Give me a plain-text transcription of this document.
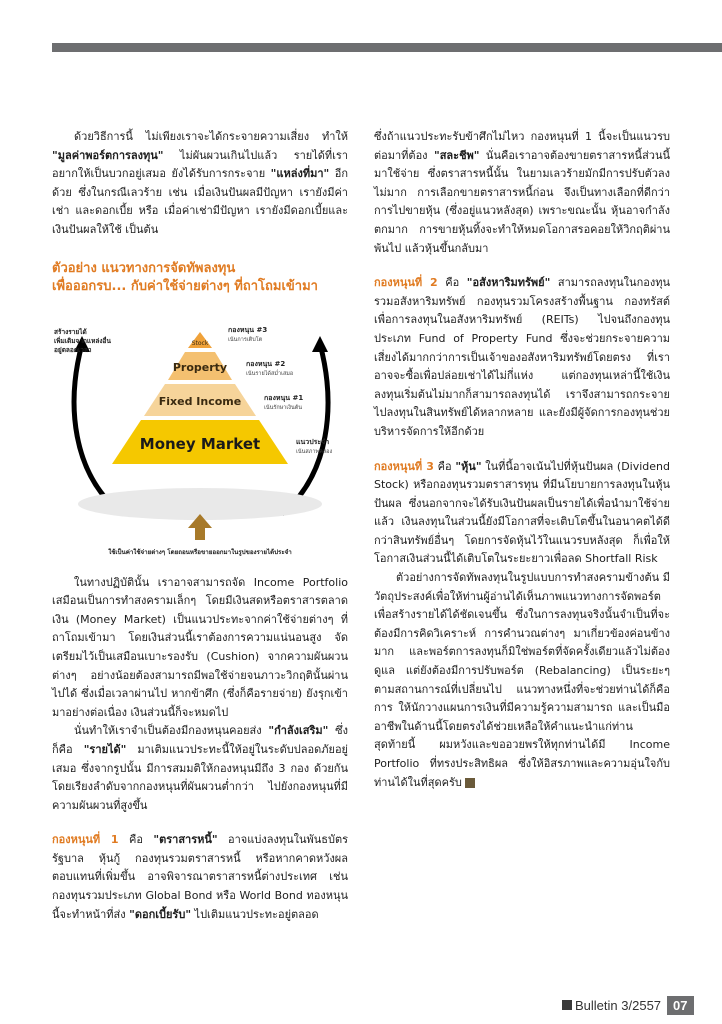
ด้วยวิธีการนี้ ไม่เพียงเราจะได้กระจายความเสี่ยง ทำให้ "มูลค่าพอร์ตการลงทุน" ไม่ผันผวนเกินไปแล้ว รายได้ที่เราอยากให้เป็นบวกอยู่เสมอ ยังได้รับการกระจาย "แหล่งที่มา" อีกด้วย ซึ่งในกรณีเลวร้าย เช่น เมื่อเงินปันผลมีปัญหา เรายังมีค่าเช่า และดอกเบี้ย หรือ เมื่อค่าเช่ามีปัญหา เรายังมีดอกเบี้ยและเงินปันผลให้ใช้ เป็นต้น

ตัวอย่าง แนวทางการจัดทัพลงทุน
เพื่อออกรบ... กับค่าใช้จ่ายต่างๆ ที่ถาโถมเข้ามา
Stock
Property
Fixed Income
Money Market
กองหนุน #3
เน้นการเติบโต
กองหนุน #2
เน้นรายได้สม่ำเสมอ
กองหนุน #1
เน้นรักษาเงินต้น
แนวประจำ
เน้นสภาพคล่อง
สร้างรายได้
เพิ่มเติมจากแหล่งอื่น
อยู่ตลอดเวลา
ใช้เป็นค่าใช้จ่ายต่างๆ โดยถอนหรือขายออกมาในรูปของรายได้ประจำ

ในทางปฏิบัตินั้น เราอาจสามารถจัด Income Portfolio เสมือนเป็นการทำสงครามเล็กๆ โดยมีเงินสดหรือตราสารตลาดเงิน (Money Market) เป็นแนวประทะจากค่าใช้จ่ายต่างๆ ที่ถาโถมเข้ามา โดยเงินส่วนนี้เราต้องการความแน่นอนสูง จัดเตรียมไว้เป็นเสมือนเบาะรองรับ (Cushion) จากความผันผวนต่างๆ อย่างน้อยต้องสามารถมีพอใช้จ่ายจนภาวะวิกฤตินั้นผ่านไปได้ ซึ่งเมื่อเวลาผ่านไป หากข้าศึก (ซึ่งก็คือรายจ่าย) ยังรุกเข้ามาอย่างต่อเนื่อง เงินส่วนนี้ก็จะหมดไป

นั่นทำให้เราจำเป็นต้องมีกองหนุนคอยส่ง "กำลังเสริม" ซึ่งก็คือ "รายได้" มาเติมแนวประทะนี้ให้อยู่ในระดับปลอดภัยอยู่เสมอ ซึ่งจากรูปนั้น มีการสมมติให้กองหนุนมีถึง 3 กอง ด้วยกัน โดยเรียงลำดับจากกองหนุนที่ผันผวนต่ำกว่า ไปยังกองหนุนที่มีความผันผวนที่สูงขึ้น

กองหนุนที่ 1 คือ "ตราสารหนี้" อาจแบ่งลงทุนในพันธบัตรรัฐบาล หุ้นกู้ กองทุนรวมตราสารหนี้ หรือหากคาดหวังผลตอบแทนที่เพิ่มขึ้น อาจพิจารณาตราสารหนี้ต่างประเทศ เช่น กองทุนรวมประเภท Global Bond หรือ World Bond ทองหนุนนี้จะทำหน้าที่ส่ง "ดอกเบี้ยรับ" ไปเติมแนวประทะอยู่ตลอด

ซึ่งถ้าแนวประทะรับข้าศึกไม่ไหว กองหนุนที่ 1 นี้จะเป็นแนวรบต่อมาที่ต้อง "สละชีพ" นั่นคือเราอาจต้องขายตราสารหนี้ส่วนนี้มาใช้จ่าย ซึ่งตราสารหนี้นั้น ในยามเลวร้ายมักมีการปรับตัวลงไม่มาก การเลือกขายตราสารหนี้ก่อน จึงเป็นทางเลือกที่ดีกว่าการไปขายหุ้น (ซึ่งอยู่แนวหลังสุด) เพราะขณะนั้น หุ้นอาจกำลังตกมาก การขายหุ้นทิ้งจะทำให้หมดโอกาสรอคอยให้วิกฤติผ่านพ้นไป แล้วหุ้นขึ้นกลับมา

กองหนุนที่ 2 คือ "อสังหาริมทรัพย์" สามารถลงทุนในกองทุนรวมอสังหาริมทรัพย์ กองทุนรวมโครงสร้างพื้นฐาน กองทรัสต์เพื่อการลงทุนในอสังหาริมทรัพย์ (REITs) ไปจนถึงกองทุนประเภท Fund of Property Fund ซึ่งจะช่วยกระจายความเสี่ยงได้มากกว่าการเป็นเจ้าของอสังหาริมทรัพย์โดยตรง ที่เราอาจจะซื้อเพื่อปล่อยเช่าได้ไม่กี่แห่ง แต่กองทุนเหล่านี้ใช้เงินลงทุนเริ่มต้นไม่มากก็สามารถลงทุนได้ เราจึงสามารถกระจายไปลงทุนในสินทรัพย์ได้หลากหลาย และยังมีผู้จัดการกองทุนช่วยบริหารจัดการให้อีกด้วย

กองหนุนที่ 3 คือ "หุ้น" ในที่นี้อาจเน้นไปที่หุ้นปันผล (Dividend Stock) หรือกองทุนรวมตราสารทุน ที่มีนโยบายการลงทุนในหุ้นปันผล ซึ่งนอกจากจะได้รับเงินปันผลเป็นรายได้เพื่อนำมาใช้จ่ายแล้ว เงินลงทุนในส่วนนี้ยังมีโอกาสที่จะเติบโตขึ้นในอนาคตได้ดีกว่าสินทรัพย์อื่นๆ โดยการจัดหุ้นไว้ในแนวรบหลังสุด ก็เพื่อให้โอกาสเงินส่วนนี้ได้เติบโตในระยะยาวเพื่อลด Shortfall Risk

ตัวอย่างการจัดทัพลงทุนในรูปแบบการทำสงครามข้างต้น มีวัตถุประสงค์เพื่อให้ท่านผู้อ่านได้เห็นภาพแนวทางการจัดพอร์ตเพื่อสร้างรายได้ได้ชัดเจนขึ้น ซึ่งในการลงทุนจริงนั้นจำเป็นที่จะต้องมีการคิดวิเคราะห์ การคำนวณต่างๆ มาเกี่ยวข้องค่อนข้างมาก และพอร์ตการลงทุนก็มิใช่พอร์ตที่จัดครั้งเดียวแล้วไม่ต้องดูแล แต่ยังต้องมีการปรับพอร์ต (Rebalancing) เป็นระยะๆ ตามสถานการณ์ที่เปลี่ยนไป แนวทางหนึ่งที่จะช่วยท่านได้ก็คือการ ให้นักวางแผนการเงินที่มีความรู้ความสามารถ และเป็นมืออาชีพในด้านนี้โดยตรงได้ช่วยเหลือให้คำแนะนำแก่ท่าน สุดท้ายนี้ ผมหวังและขออวยพรให้ทุกท่านได้มี Income Portfolio ที่ทรงประสิทธิผล ซึ่งให้อิสรภาพและความอุ่นใจกับท่านได้ในที่สุดครับ

Bulletin 3/2557 07
